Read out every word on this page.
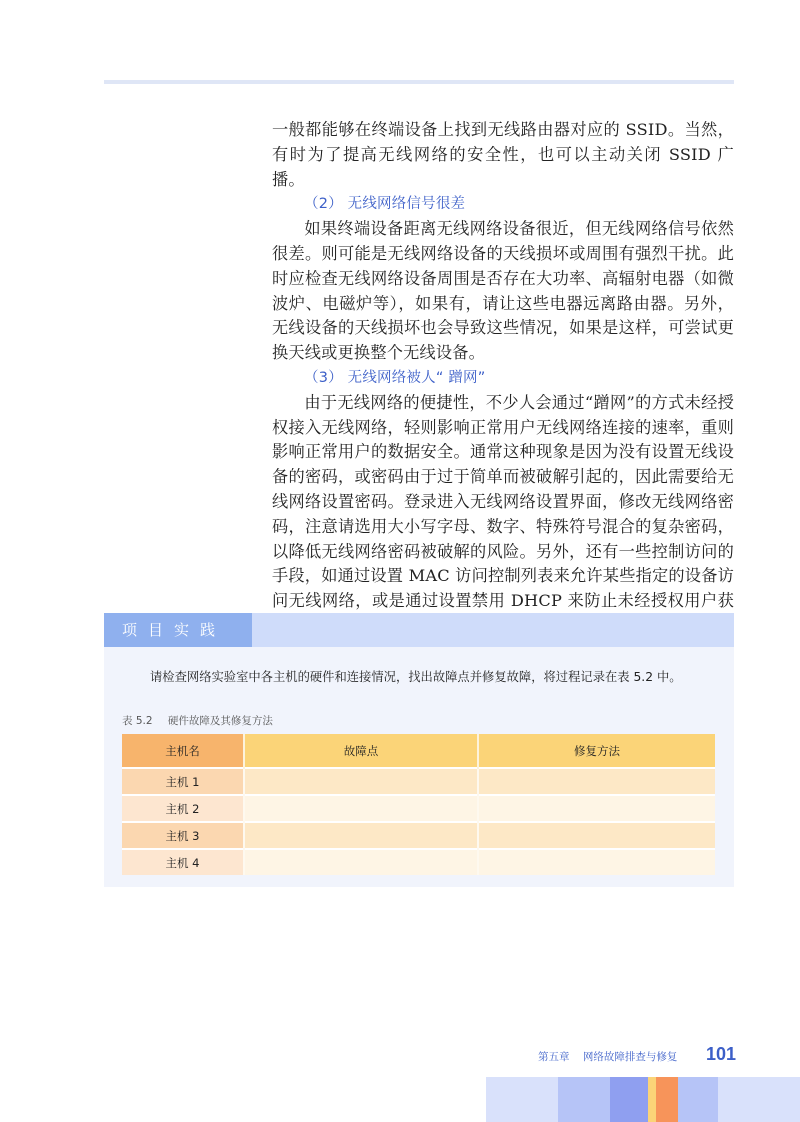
一般都能够在终端设备上找到无线路由器对应的 SSID。当然，有时为了提高无线网络的安全性，也可以主动关闭 SSID 广播。

（2） 无线网络信号很差

如果终端设备距离无线网络设备很近，但无线网络信号依然很差。则可能是无线网络设备的天线损坏或周围有强烈干扰。此时应检查无线网络设备周围是否存在大功率、高辐射电器（如微波炉、电磁炉等），如果有，请让这些电器远离路由器。另外，无线设备的天线损坏也会导致这些情况，如果是这样，可尝试更换天线或更换整个无线设备。

（3） 无线网络被人“ 蹭网”

由于无线网络的便捷性，不少人会通过“蹭网”的方式未经授权接入无线网络，轻则影响正常用户无线网络连接的速率，重则影响正常用户的数据安全。通常这种现象是因为没有设置无线设备的密码，或密码由于过于简单而被破解引起的，因此需要给无线网络设置密码。登录进入无线网络设置界面，修改无线网络密码，注意请选用大小写字母、数字、特殊符号混合的复杂密码，以降低无线网络密码被破解的风险。另外，还有一些控制访问的手段，如通过设置 MAC 访问控制列表来允许某些指定的设备访问无线网络，或是通过设置禁用 DHCP 来防止未经授权用户获

项目实践
请检查网络实验室中各主机的硬件和连接情况，找出故障点并修复故障，将过程记录在表 5.2 中。
表 5.2 硬件故障及其修复方法
主机名	故障点	修复方法
主机 1		
主机 2		
主机 3		
主机 4		
第五章 网络故障排查与修复 101
